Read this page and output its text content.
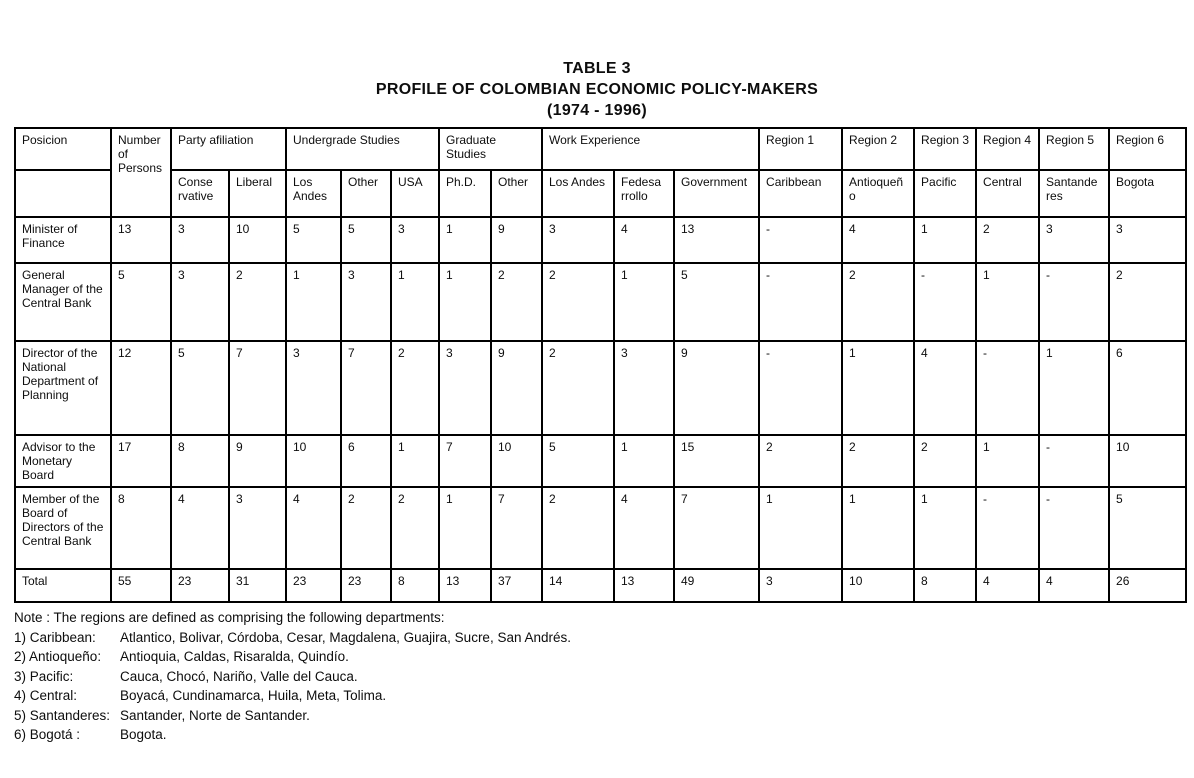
TABLE 3
PROFILE OF COLOMBIAN ECONOMIC POLICY-MAKERS
(1974 - 1996)
Posicion	Number of Persons	Party afiliation		Undergrade Studies			Graduate Studies		Work Experience			Region 1	Region 2	Region 3	Region 4	Region 5	Region 6
		Conse rvative	Liberal	Los Andes	Other	USA	Ph.D.	Other	Los Andes	Fedesa rrollo	Government	Caribbean	Antioqueño	Pacific	Central	Santande res	Bogota
Minister of Finance	13	3	10	5	5	3	1	9	3	4	13	-	4	1	2	3	3
General Manager of the Central Bank	5	3	2	1	3	1	1	2	2	1	5	-	2	-	1	-	2
Director of the National Department of Planning	12	5	7	3	7	2	3	9	2	3	9	-	1	4	-	1	6
Advisor to the Monetary Board	17	8	9	10	6	1	7	10	5	1	15	2	2	2	1	-	10
Member of the Board of Directors of the Central Bank	8	4	3	4	2	2	1	7	2	4	7	1	1	1	-	-	5
Total	55	23	31	23	23	8	13	37	14	13	49	3	10	8	4	4	26
Note : The regions are defined as comprising the following departments:
1) Caribbean:	Atlantico, Bolivar, Córdoba, Cesar, Magdalena, Guajira, Sucre, San Andrés.
2) Antioqueño:	Antioquia, Caldas, Risaralda, Quindío.
3) Pacific:	Cauca, Chocó, Nariño, Valle del Cauca.
4) Central:	Boyacá, Cundinamarca, Huila, Meta, Tolima.
5) Santanderes: Santander, Norte de Santander.
6) Bogotá :	Bogota.
